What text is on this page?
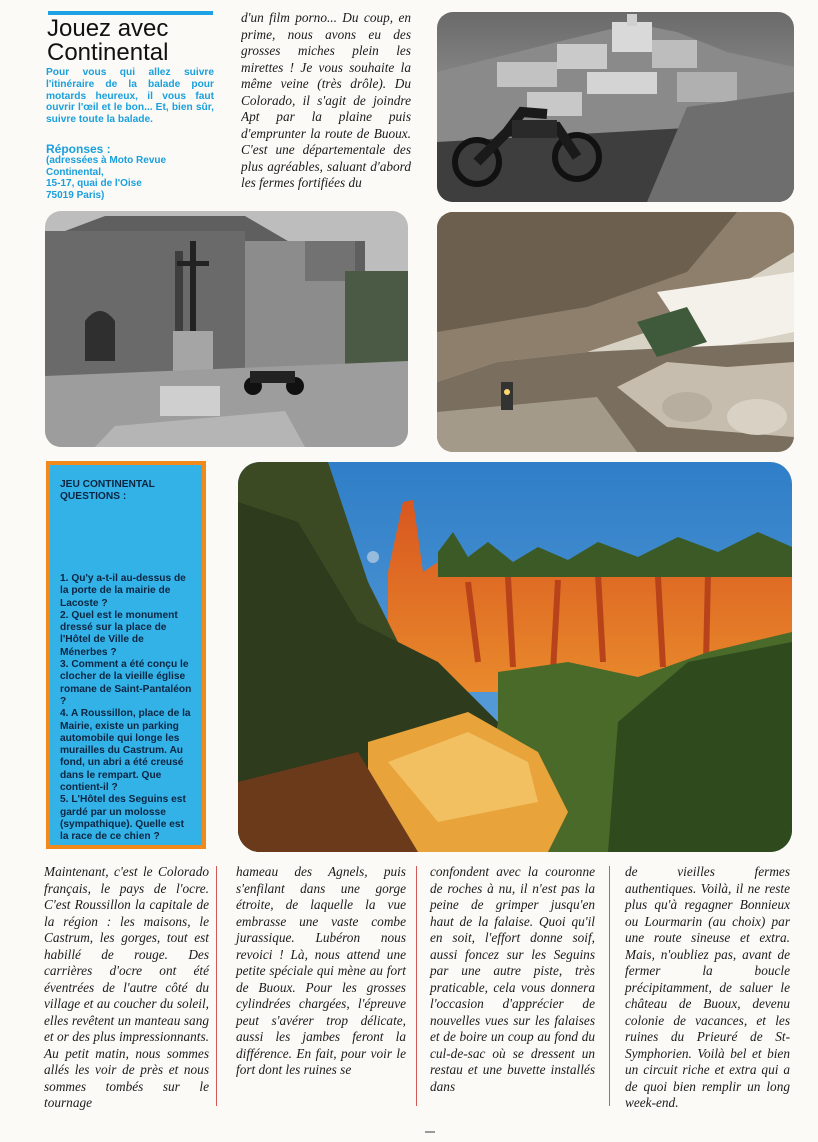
Jouez avec
Continental
Pour vous qui allez suivre l'itinéraire de la balade pour motards heureux, il vous faut ouvrir l'œil et le bon... Et, bien sûr, suivre toute la balade.
Réponses :
(adressées à Moto Revue
Continental,
15-17, quai de l'Oise
75019 Paris)
d'un film porno... Du coup, en prime, nous avons eu des grosses miches plein les mirettes ! Je vous souhaite la même veine (très drôle). Du Colorado, il s'agit de joindre Apt par la plaine puis d'emprunter la route de Buoux. C'est une départementale des plus agréables, saluant d'abord les fermes fortifiées du
JEU CONTINENTAL
QUESTIONS :
1. Qu'y a-t-il au-dessus de la porte de la mairie de Lacoste ?
2. Quel est le monument dressé sur la place de l'Hôtel de Ville de Ménerbes ?
3. Comment a été conçu le clocher de la vieille église romane de Saint-Pantaléon ?
4. A Roussillon, place de la Mairie, existe un parking automobile qui longe les murailles du Castrum. Au fond, un abri a été creusé dans le rempart. Que contient-il ?
5. L'Hôtel des Seguins est gardé par un molosse (sympathique). Quelle est la race de ce chien ?
Maintenant, c'est le Colorado français, le pays de l'ocre. C'est Roussillon la capitale de la région : les maisons, le Castrum, les gorges, tout est habillé de rouge. Des carrières d'ocre ont été éventrées de l'autre côté du village et au coucher du soleil, elles revêtent un manteau sang et or des plus impressionnants. Au petit matin, nous sommes allés les voir de près et nous sommes tombés sur le tournage
hameau des Agnels, puis s'enfilant dans une gorge étroite, de laquelle la vue embrasse une vaste combe jurassique. Lubéron nous revoici ! Là, nous attend une petite spéciale qui mène au fort de Buoux. Pour les grosses cylindrées chargées, l'épreuve peut s'avérer trop délicate, aussi les jambes feront la différence. En fait, pour voir le fort dont les ruines se
confondent avec la couronne de roches à nu, il n'est pas la peine de grimper jusqu'en haut de la falaise. Quoi qu'il en soit, l'effort donne soif, aussi foncez sur les Seguins par une autre piste, très praticable, cela vous donnera l'occasion d'apprécier de nouvelles vues sur les falaises et de boire un coup au fond du cul-de-sac où se dressent un restau et une buvette installés dans
de vieilles fermes authentiques. Voilà, il ne reste plus qu'à regagner Bonnieux ou Lourmarin (au choix) par une route sineuse et extra. Mais, n'oubliez pas, avant de fermer la boucle précipitamment, de saluer le château de Buoux, devenu colonie de vacances, et les ruines du Prieuré de St-Symphorien. Voilà bel et bien un circuit riche et extra qui a de quoi bien remplir un long week-end.
